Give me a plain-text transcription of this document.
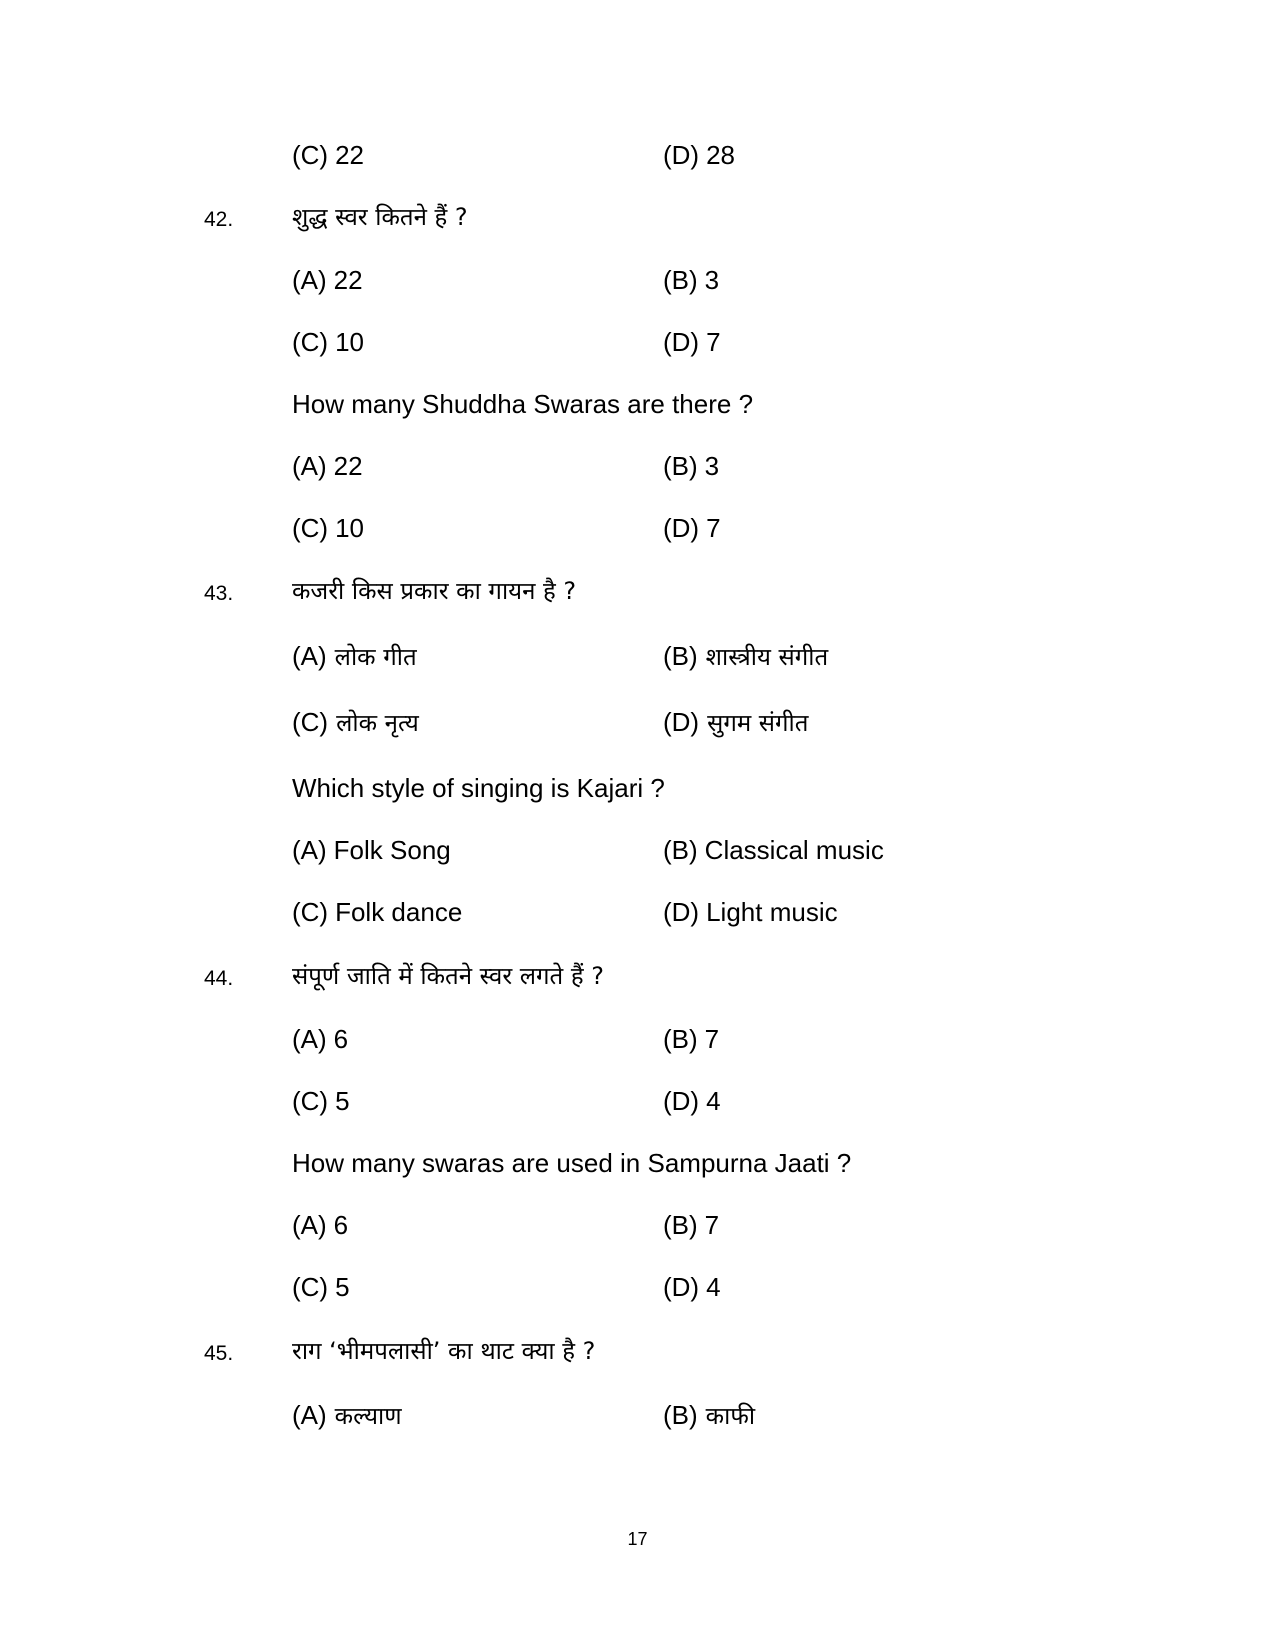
(C) 22	(D) 28
42. शुद्ध स्वर कितने हैं ?
(A) 22	(B) 3
(C) 10	(D) 7
How many Shuddha Swaras are there ?
(A) 22	(B) 3
(C) 10	(D) 7
43. कजरी किस प्रकार का गायन है ?
(A) लोक गीत	(B) शास्त्रीय संगीत
(C) लोक नृत्य	(D) सुगम संगीत
Which style of singing is Kajari ?
(A) Folk Song	(B) Classical music
(C) Folk dance	(D) Light music
44. संपूर्ण जाति में कितने स्वर लगते हैं ?
(A) 6	(B) 7
(C) 5	(D) 4
How many swaras are used in Sampurna Jaati ?
(A) 6	(B) 7
(C) 5	(D) 4
45. राग ‘भीमपलासी’ का थाट क्या है ?
(A) कल्याण	(B) काफी
17
